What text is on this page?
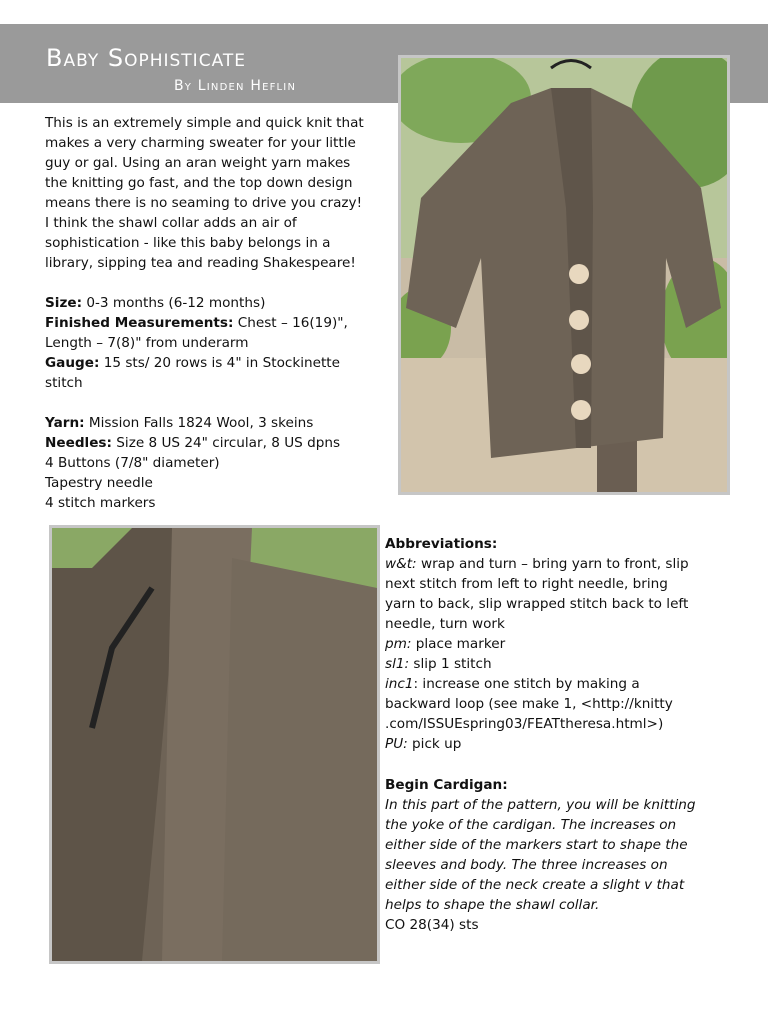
Baby Sophisticate
By Linden Heflin
This is an extremely simple and quick knit that
makes a very charming sweater for your little
guy or gal. Using an aran weight yarn makes
the knitting go fast, and the top down design
means there is no seaming to drive you crazy!
I think the shawl collar adds an air of
sophistication - like this baby belongs in a
library, sipping tea and reading Shakespeare!
Size: 0-3 months (6-12 months)
Finished Measurements: Chest – 16(19)",
Length – 7(8)" from underarm
Gauge: 15 sts/ 20 rows is 4" in Stockinette
stitch
Yarn: Mission Falls 1824 Wool, 3 skeins
Needles: Size 8 US 24" circular, 8 US dpns
4 Buttons (7/8" diameter)
Tapestry needle
4 stitch markers
Abbreviations:
w&t: wrap and turn – bring yarn to front, slip
next stitch from left to right needle, bring
yarn to back, slip wrapped stitch back to left
needle, turn work
pm: place marker
sl1: slip 1 stitch
inc1: increase one stitch by making a
backward loop (see make 1, <http://knitty
.com/ISSUEspring03/FEATtheresa.html>)
PU: pick up
Begin Cardigan:
In this part of the pattern, you will be knitting
the yoke of the cardigan. The increases on
either side of the markers start to shape the
sleeves and body. The three increases on
either side of the neck create a slight v that
helps to shape the shawl collar.
CO 28(34) sts
